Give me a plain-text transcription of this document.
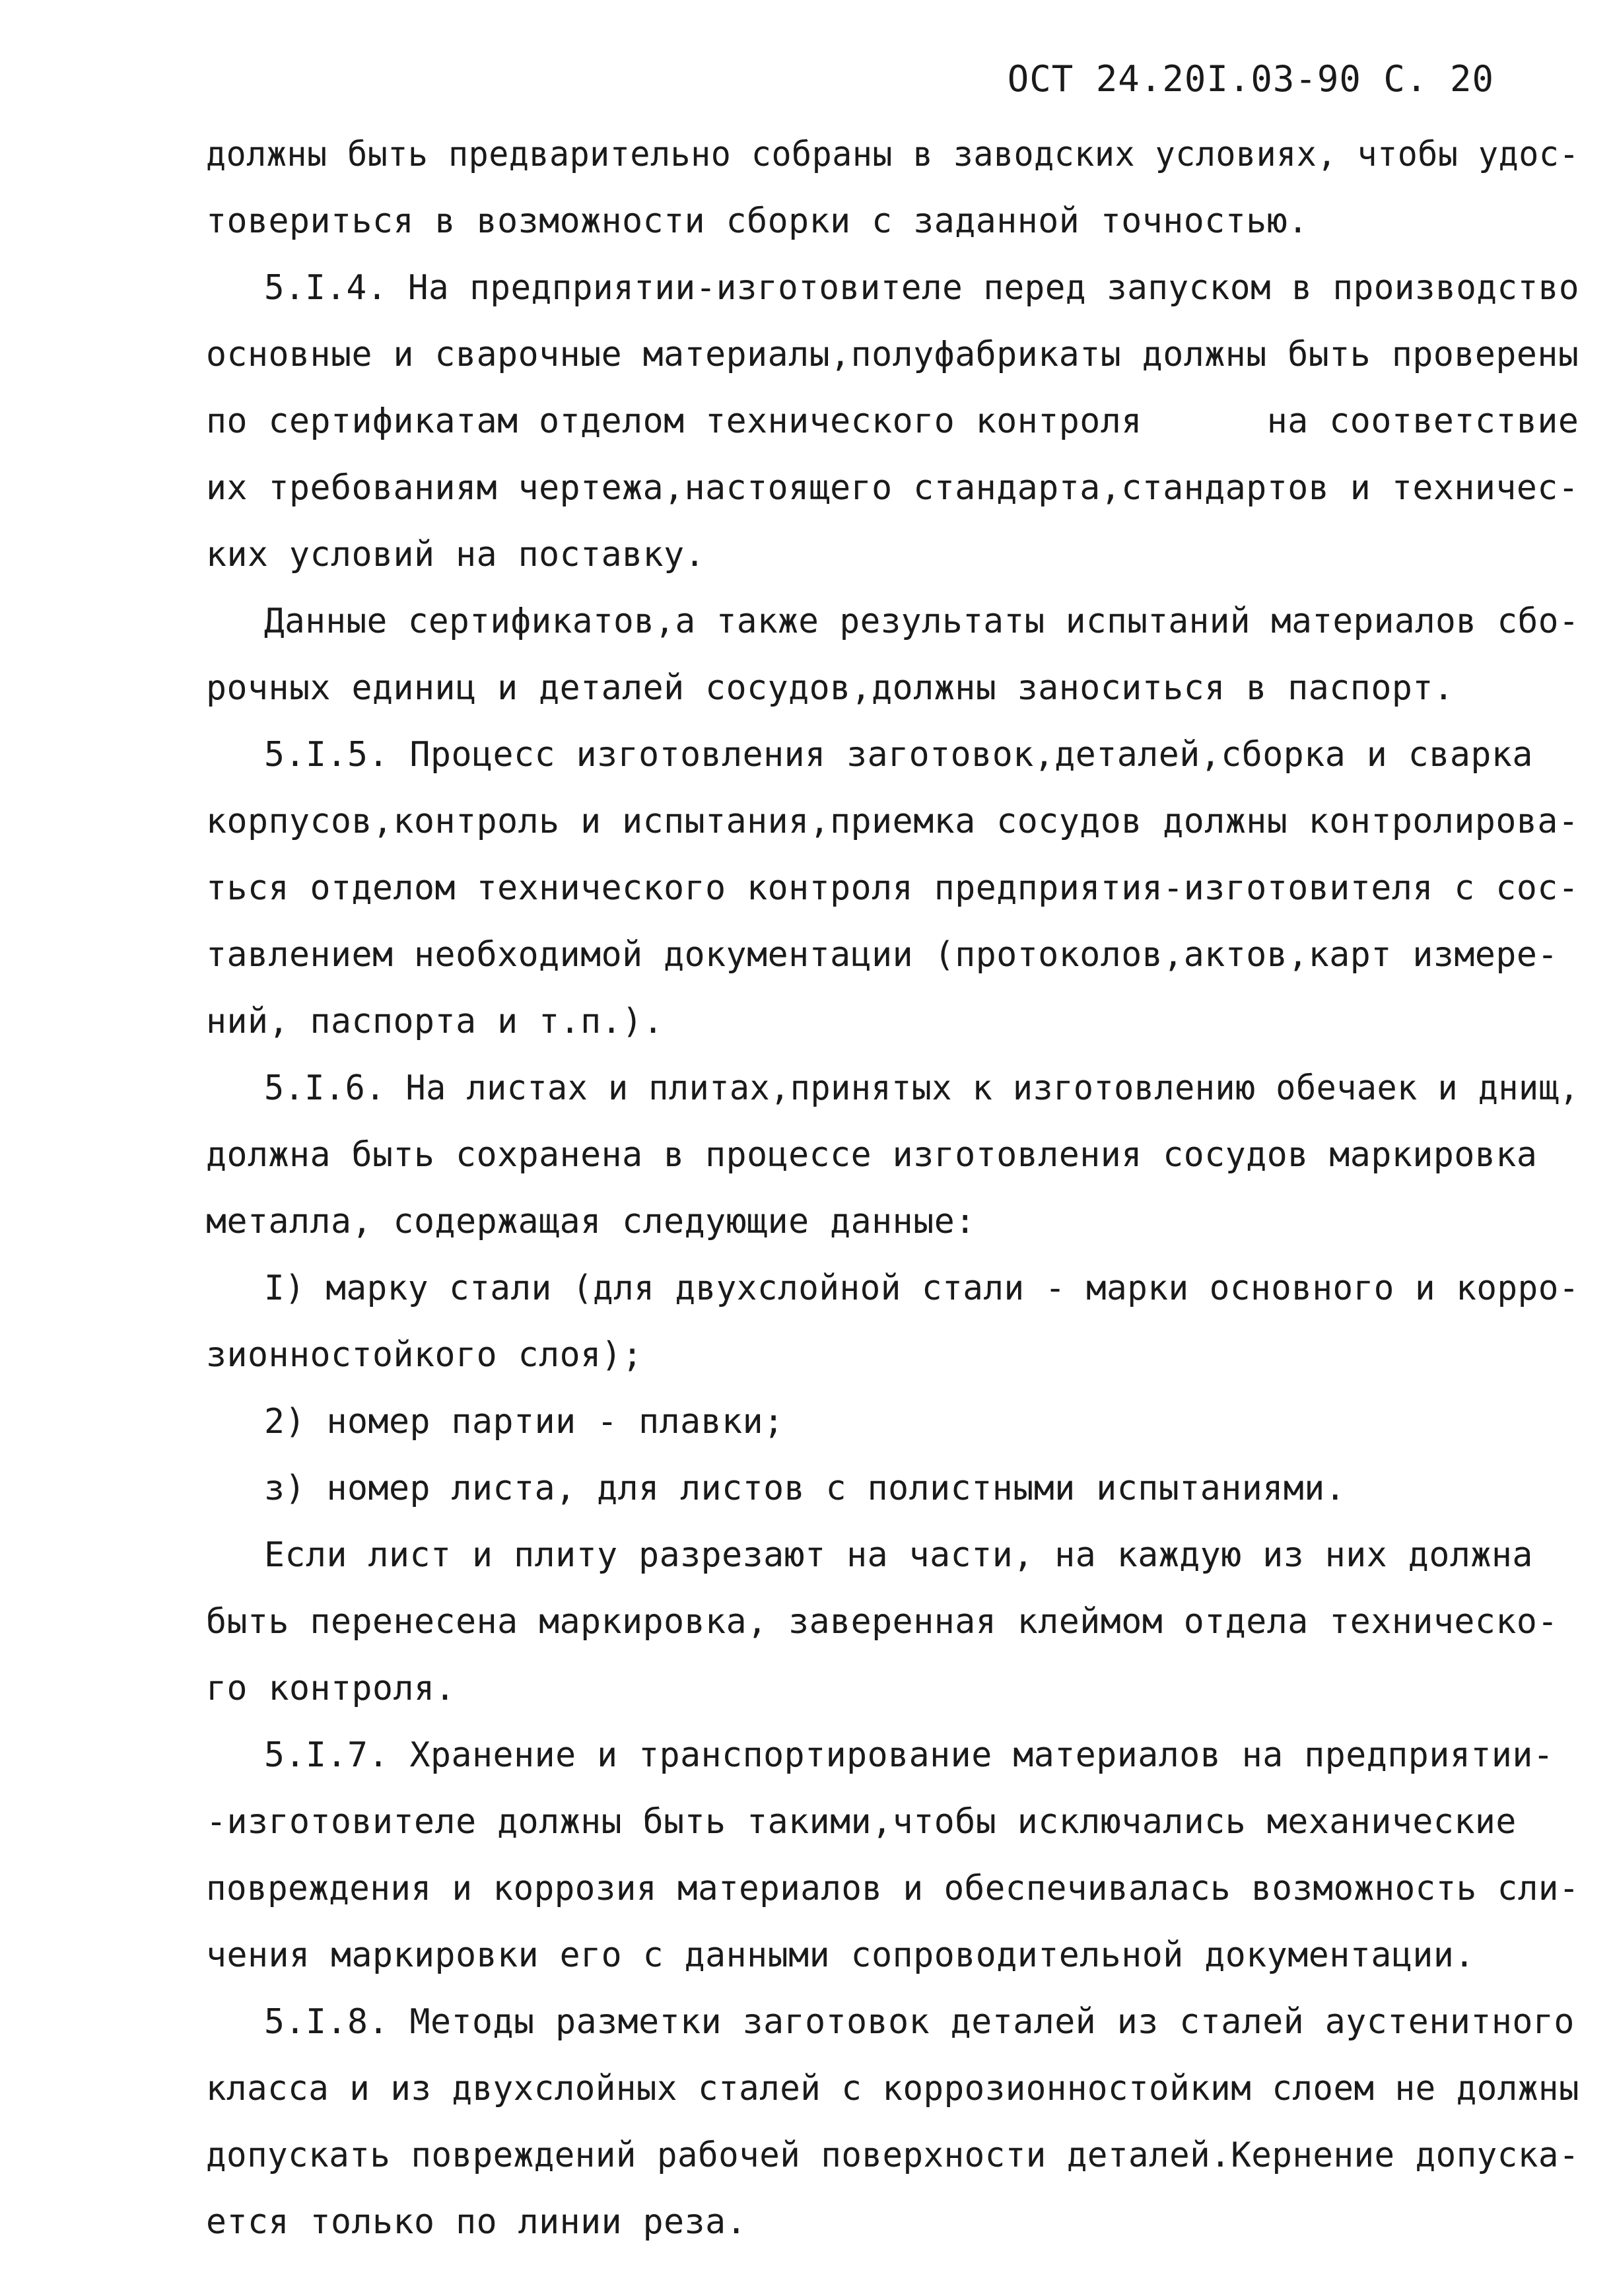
ОСТ 24.20I.03-90 С. 20
должны быть предварительно собраны в заводских условиях, чтобы удос-
товериться в возможности сборки с заданной точностью.
5.I.4. На предприятии-изготовителе перед запуском в производство
основные и сварочные материалы,полуфабрикаты должны быть проверены
по сертификатам отделом технического контроля      на соответствие
их требованиям чертежа,настоящего стандарта,стандартов и техничес-
ких условий на поставку.
Данные сертификатов,а также результаты испытаний материалов сбо-
рочных единиц и деталей сосудов,должны заноситься в паспорт.
5.I.5. Процесс изготовления заготовок,деталей,сборка и сварка
корпусов,контроль и испытания,приемка сосудов должны контролирова-
ться отделом технического контроля предприятия-изготовителя с сос-
тавлением необходимой документации (протоколов,актов,карт измере-
ний, паспорта и т.п.).
5.I.6. На листах и плитах,принятых к изготовлению обечаек и днищ,
должна быть сохранена в процессе изготовления сосудов маркировка
металла, содержащая следующие данные:
I) марку стали (для двухслойной стали - марки основного и корро-
зионностойкого слоя);
2) номер партии - плавки;
з) номер листа, для листов с полистными испытаниями.
Если лист и плиту разрезают на части, на каждую из них должна
быть перенесена маркировка, заверенная клеймом отдела техническо-
го контроля.
5.I.7. Хранение и транспортирование материалов на предприятии-
-изготовителе должны быть такими,чтобы исключались механические
повреждения и коррозия материалов и обеспечивалась возможность сли-
чения маркировки его с данными сопроводительной документации.
5.I.8. Методы разметки заготовок деталей из сталей аустенитного
класса и из двухслойных сталей с коррозионностойким слоем не должны
допускать повреждений рабочей поверхности деталей.Кернение допуска-
ется только по линии реза.
